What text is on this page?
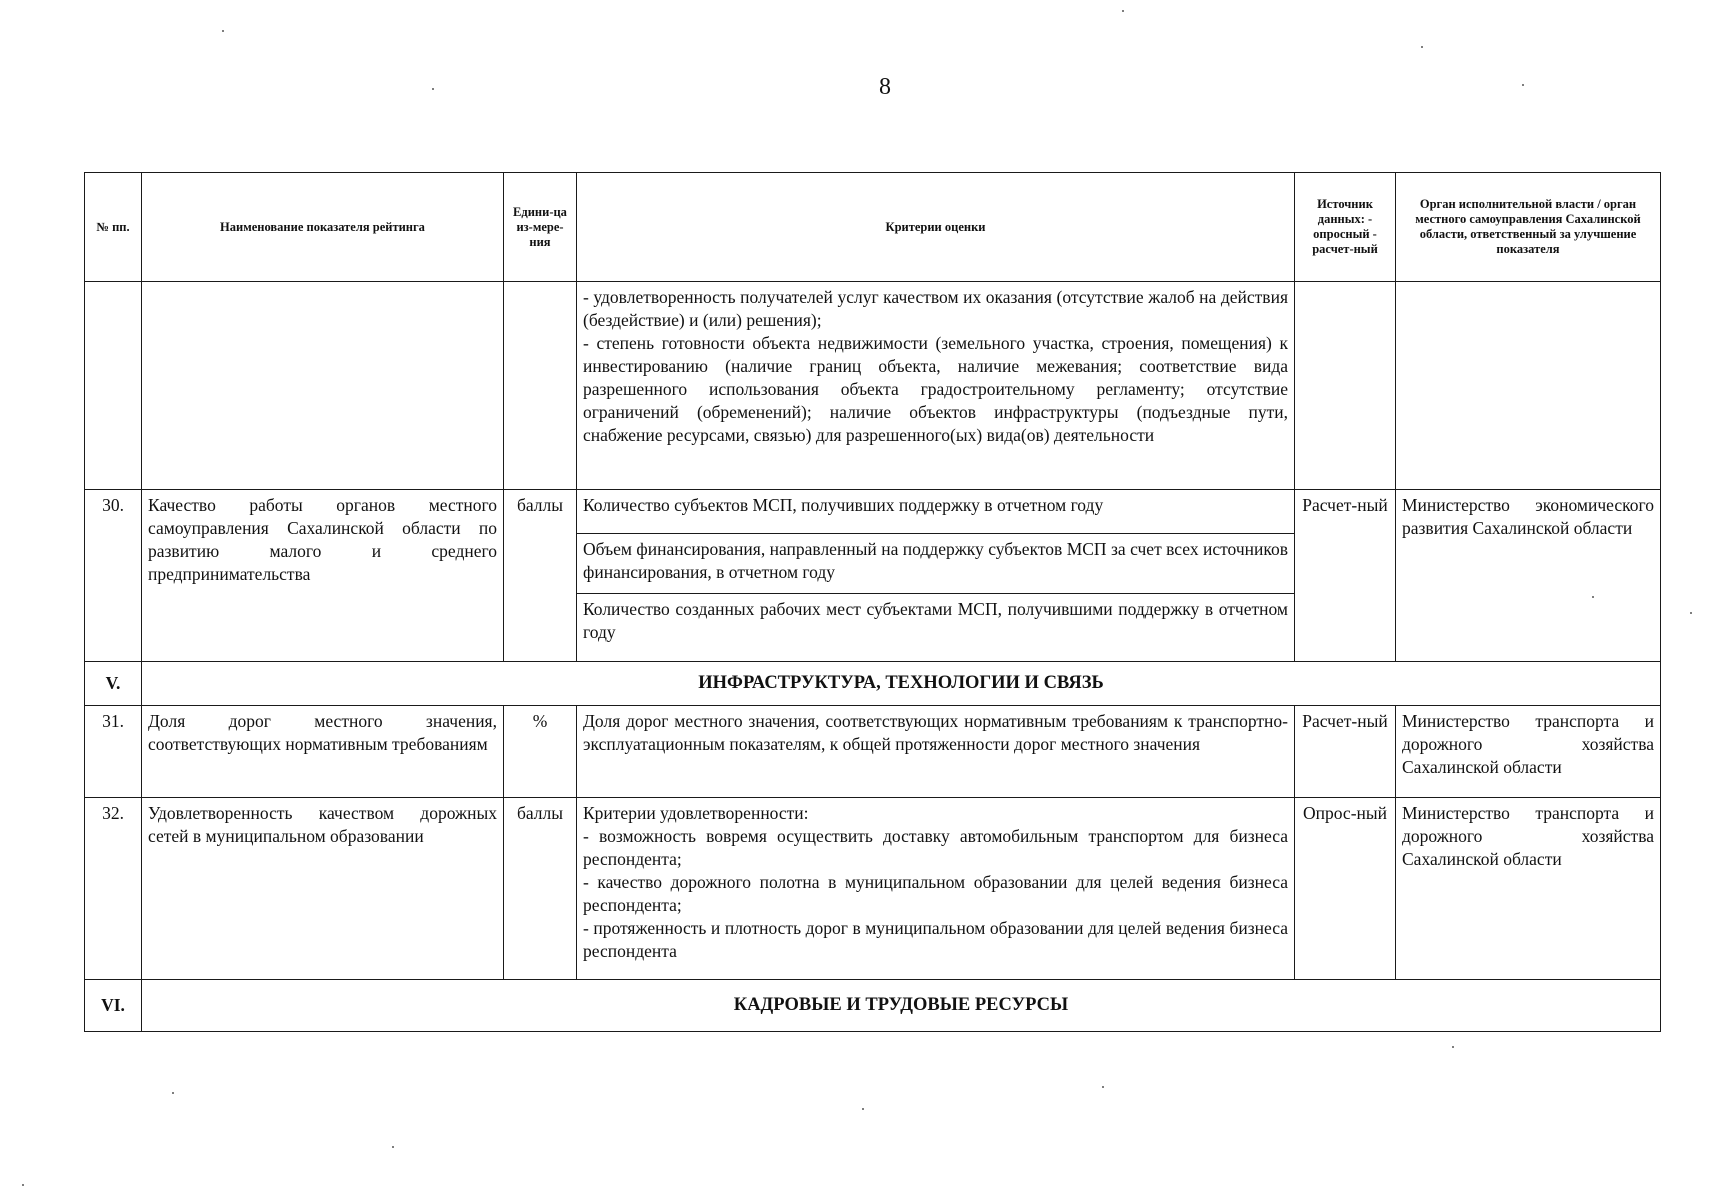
8
№ пп.	Наименование показателя рейтинга	Едини-ца из-мере-ния	Критерии оценки	Источник данных: - опросный - расчет-ный	Орган исполнительной власти / орган местного самоуправления Сахалинской области, ответственный за улучшение показателя

			- удовлетворенность получателей услуг качеством их оказания (отсутствие жалоб на действия (бездействие) и (или) решения);
- степень готовности объекта недвижимости (земельного участка, строения, помещения) к инвестированию (наличие границ объекта, наличие межевания; соответствие вида разрешенного использования объекта градостроительному регламенту; отсутствие ограничений (обременений); наличие объектов инфраструктуры (подъездные пути, снабжение ресурсами, связью) для разрешенного(ых) вида(ов) деятельности		

30.	Качество работы органов местного самоуправления Сахалинской области по развитию малого и среднего предпринимательства	баллы	Количество субъектов МСП, получивших поддержку в отчетном году	Расчет-ный	Министерство экономического развития Сахалинской области
			Объем финансирования, направленный на поддержку субъектов МСП за счет всех источников финансирования, в отчетном году		
			Количество созданных рабочих мест субъектами МСП, получившими поддержку в отчетном году		
V.	ИНФРАСТРУКТУРА, ТЕХНОЛОГИИ И СВЯЗЬ				
31.	Доля дорог местного значения, соответствующих нормативным требованиям	%	Доля дорог местного значения, соответствующих нормативным требованиям к транспортно-эксплуатационным показателям, к общей протяженности дорог местного значения	Расчет-ный	Министерство транспорта и дорожного хозяйства Сахалинской области
32.	Удовлетворенность качеством дорожных сетей в муниципальном образовании	баллы	Критерии удовлетворенности:
- возможность вовремя осуществить доставку автомобильным транспортом для бизнеса респондента;
- качество дорожного полотна в муниципальном образовании для целей ведения бизнеса респондента;
- протяженность и плотность дорог в муниципальном образовании для целей ведения бизнеса респондента	Опрос-ный	Министерство транспорта и дорожного хозяйства Сахалинской области
VI.	КАДРОВЫЕ И ТРУДОВЫЕ РЕСУРСЫ				
